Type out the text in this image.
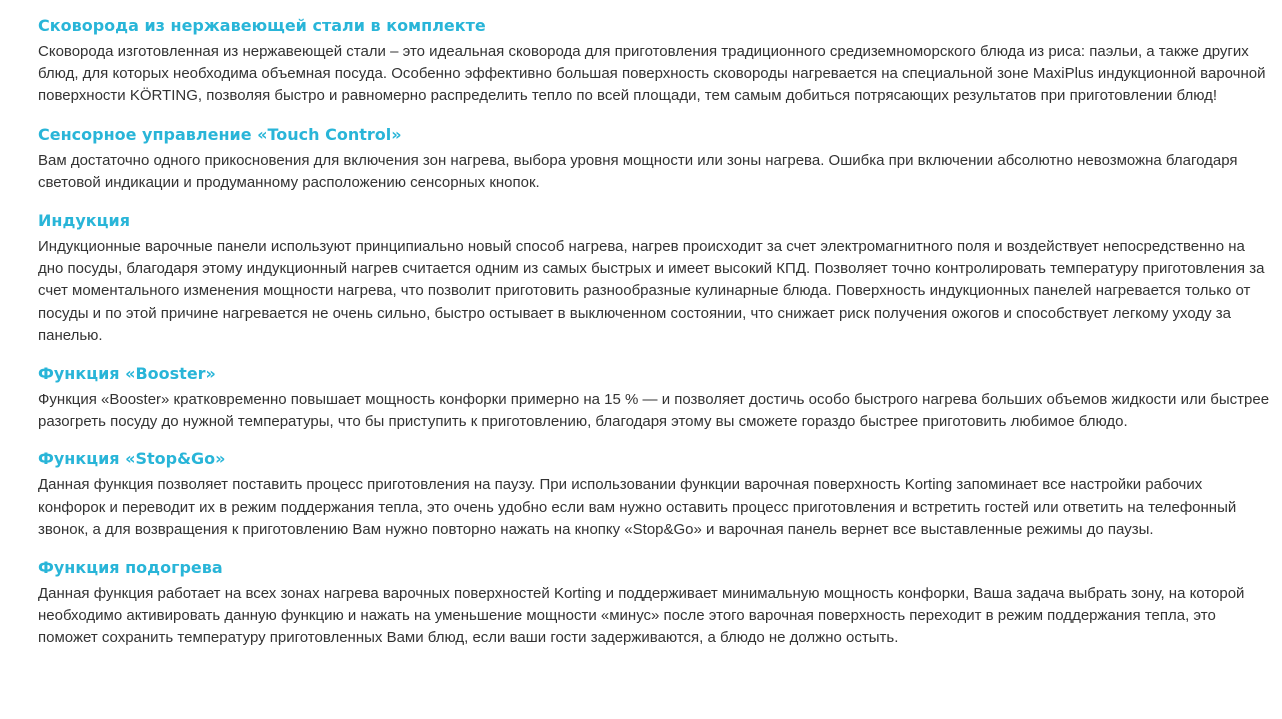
Сковорода из нержавеющей стали в комплекте

Сковорода изготовленная из нержавеющей стали – это идеальная сковорода для приготовления традиционного средиземноморского блюда из риса: паэльи, а также других блюд, для которых необходима объемная посуда. Особенно эффективно большая поверхность сковороды нагревается на специальной зоне MaxiPlus индукционной варочной поверхности KÖRTING, позволяя быстро и равномерно распределить тепло по всей площади, тем самым добиться потрясающих результатов при приготовлении блюд!

Сенсорное управление «Touch Control»

Вам достаточно одного прикосновения для включения зон нагрева, выбора уровня мощности или зоны нагрева. Ошибка при включении абсолютно невозможна благодаря световой индикации и продуманному расположению сенсорных кнопок.

Индукция

Индукционные варочные панели используют принципиально новый способ нагрева, нагрев происходит за счет электромагнитного поля и воздействует непосредственно на дно посуды, благодаря этому индукционный нагрев считается одним из самых быстрых и имеет высокий КПД. Позволяет точно контролировать температуру приготовления за счет моментального изменения мощности нагрева, что позволит приготовить разнообразные кулинарные блюда. Поверхность индукционных панелей нагревается только от посуды и по этой причине нагревается не очень сильно, быстро остывает в выключенном состоянии, что снижает риск получения ожогов и способствует легкому уходу за панелью.

Функция «Booster»

Функция «Booster» кратковременно повышает мощность конфорки примерно на 15 % — и позволяет достичь особо быстрого нагрева больших объемов жидкости или быстрее разогреть посуду до нужной температуры, что бы приступить к приготовлению, благодаря этому вы сможете гораздо быстрее приготовить любимое блюдо.

Функция «Stop&Go»

Данная функция позволяет поставить процесс приготовления на паузу. При использовании функции варочная поверхность Korting запоминает все настройки рабочих конфорок и переводит их в режим поддержания тепла, это очень удобно если вам нужно оставить процесс приготовления и встретить гостей или ответить на телефонный звонок, а для возвращения к приготовлению Вам нужно повторно нажать на кнопку «Stop&Go» и варочная панель вернет все выставленные режимы до паузы.

Функция подогрева

Данная функция работает на всех зонах нагрева варочных поверхностей Korting и поддерживает минимальную мощность конфорки, Ваша задача выбрать зону, на которой необходимо активировать данную функцию и нажать на уменьшение мощности «минус» после этого варочная поверхность переходит в режим поддержания тепла, это поможет сохранить температуру приготовленных Вами блюд, если ваши гости задерживаются, а блюдо не должно остыть.
